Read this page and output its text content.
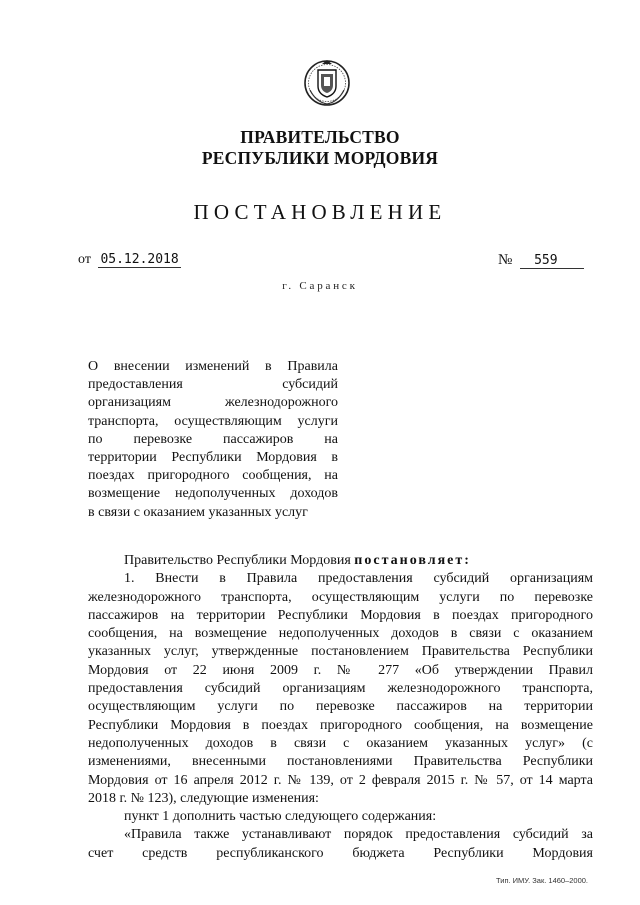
ПРАВИТЕЛЬСТВО
РЕСПУБЛИКИ МОРДОВИЯ
ПОСТАНОВЛЕНИЕ
от 05.12.2018	№ 559
г. Саранск
О внесении изменений в Правила
предоставления субсидий
организациям железнодорожного
транспорта, осуществляющим услуги
по перевозке пассажиров на
территории Республики Мордовия в
поездах пригородного сообщения, на
возмещение недополученных доходов
в связи с оказанием указанных услуг
Правительство Республики Мордовия постановляет:
1. Внести в Правила предоставления субсидий организациям
железнодорожного транспорта, осуществляющим услуги по перевозке
пассажиров на территории Республики Мордовия в поездах пригородного
сообщения, на возмещение недополученных доходов в связи с оказанием
указанных услуг, утвержденные постановлением Правительства Республики
Мордовия от 22 июня 2009 г. № 277 «Об утверждении Правил
предоставления субсидий организациям железнодорожного транспорта,
осуществляющим услуги по перевозке пассажиров на территории
Республики Мордовия в поездах пригородного сообщения, на возмещение
недополученных доходов в связи с оказанием указанных услуг» (с
изменениями, внесенными постановлениями Правительства Республики
Мордовия от 16 апреля 2012 г. № 139, от 2 февраля 2015 г. № 57, от 14 марта
2018 г. № 123), следующие изменения:
пункт 1 дополнить частью следующего содержания:
«Правила также устанавливают порядок предоставления субсидий за
счет средств республиканского бюджета Республики Мордовия
Тип. ИМУ. Зак. 1460–2000.
